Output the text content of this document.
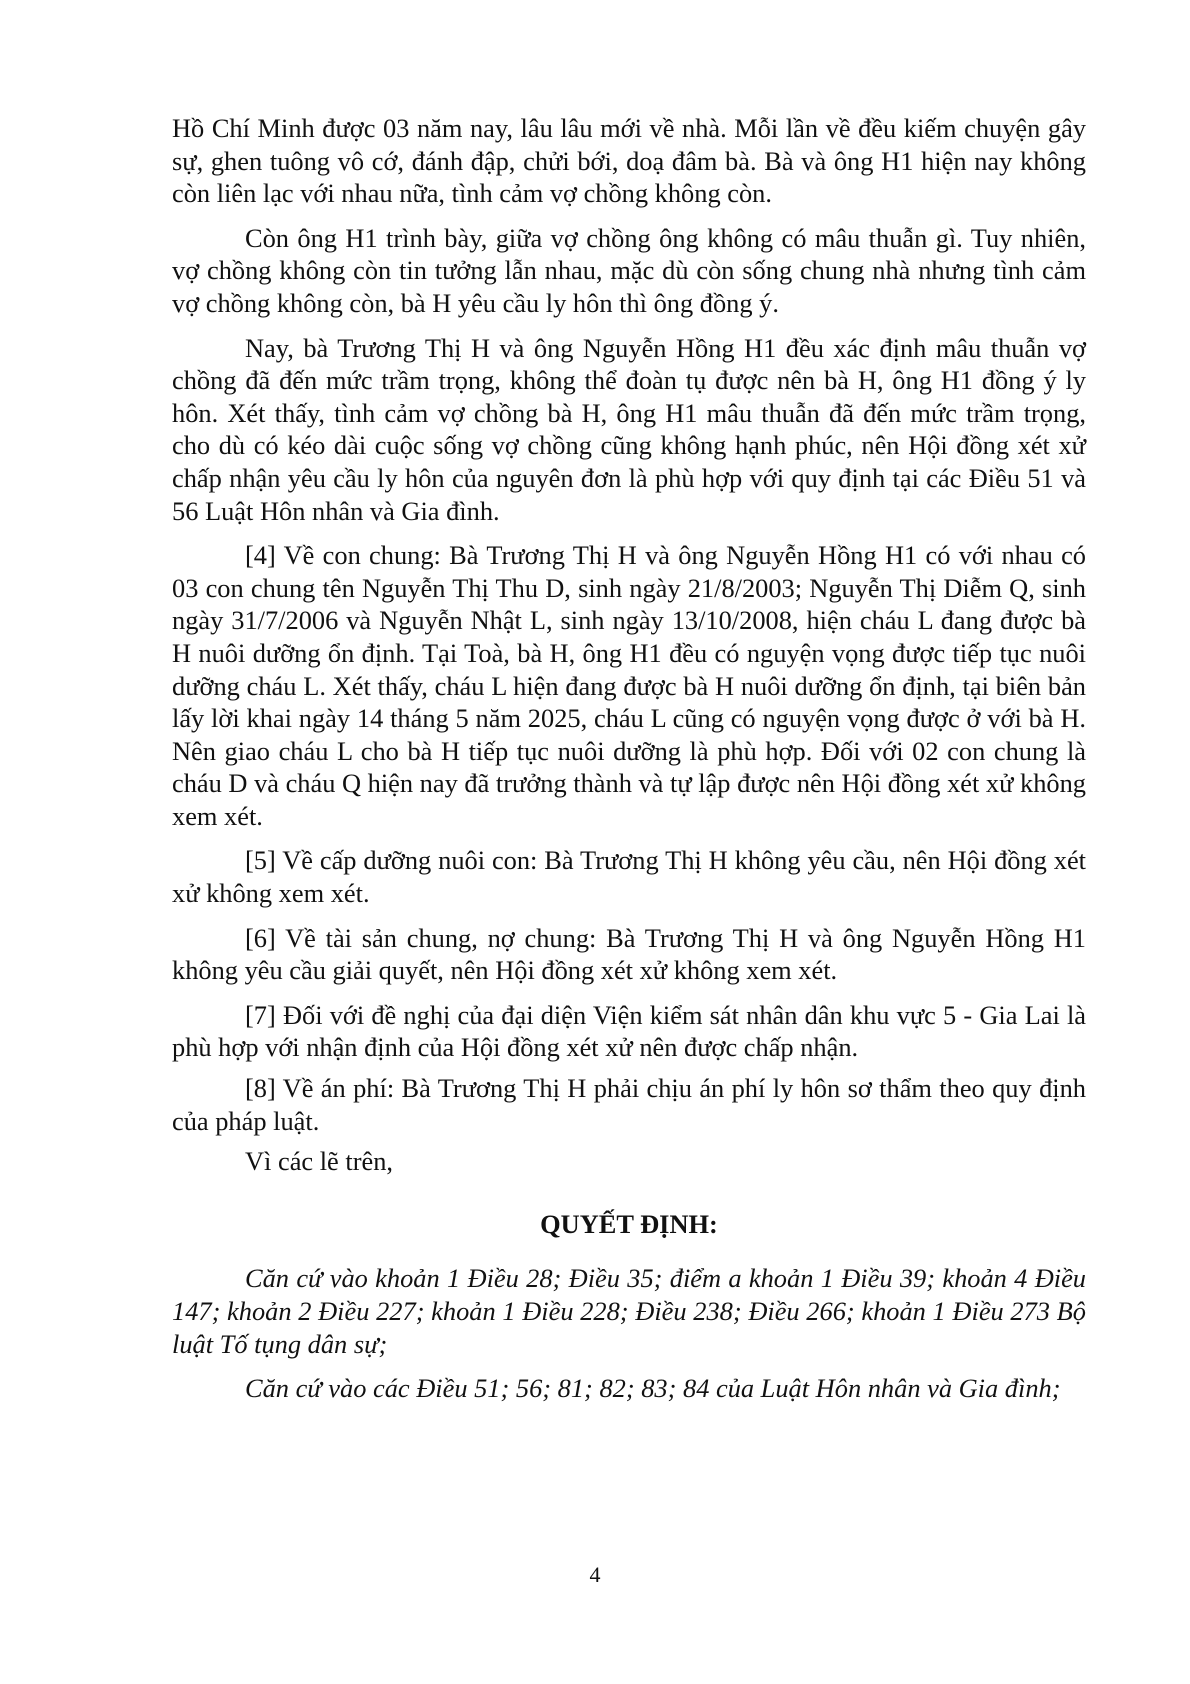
Hồ Chí Minh được 03 năm nay, lâu lâu mới về nhà. Mỗi lần về đều kiếm chuyện gây sự, ghen tuông vô cớ, đánh đập, chửi bới, doạ đâm bà. Bà và ông H1 hiện nay không còn liên lạc với nhau nữa, tình cảm vợ chồng không còn.

Còn ông H1 trình bày, giữa vợ chồng ông không có mâu thuẫn gì. Tuy nhiên, vợ chồng không còn tin tưởng lẫn nhau, mặc dù còn sống chung nhà nhưng tình cảm vợ chồng không còn, bà H yêu cầu ly hôn thì ông đồng ý.

Nay, bà Trương Thị H và ông Nguyễn Hồng H1 đều xác định mâu thuẫn vợ chồng đã đến mức trầm trọng, không thể đoàn tụ được nên bà H, ông H1 đồng ý ly hôn. Xét thấy, tình cảm vợ chồng bà H, ông H1 mâu thuẫn đã đến mức trầm trọng, cho dù có kéo dài cuộc sống vợ chồng cũng không hạnh phúc, nên Hội đồng xét xử chấp nhận yêu cầu ly hôn của nguyên đơn là phù hợp với quy định tại các Điều 51 và 56 Luật Hôn nhân và Gia đình.

[4] Về con chung: Bà Trương Thị H và ông Nguyễn Hồng H1 có với nhau có 03 con chung tên Nguyễn Thị Thu D, sinh ngày 21/8/2003; Nguyễn Thị Diễm Q, sinh ngày 31/7/2006 và Nguyễn Nhật L, sinh ngày 13/10/2008, hiện cháu L đang được bà H nuôi dưỡng ổn định. Tại Toà, bà H, ông H1 đều có nguyện vọng được tiếp tục nuôi dưỡng cháu L. Xét thấy, cháu L hiện đang được bà H nuôi dưỡng ổn định, tại biên bản lấy lời khai ngày 14 tháng 5 năm 2025, cháu L cũng có nguyện vọng được ở với bà H. Nên giao cháu L cho bà H tiếp tục nuôi dưỡng là phù hợp. Đối với 02 con chung là cháu D và cháu Q hiện nay đã trưởng thành và tự lập được nên Hội đồng xét xử không xem xét.

[5] Về cấp dưỡng nuôi con: Bà Trương Thị H không yêu cầu, nên Hội đồng xét xử không xem xét.

[6] Về tài sản chung, nợ chung: Bà Trương Thị H và ông Nguyễn Hồng H1 không yêu cầu giải quyết, nên Hội đồng xét xử không xem xét.

[7] Đối với đề nghị của đại diện Viện kiểm sát nhân dân khu vực 5 - Gia Lai là phù hợp với nhận định của Hội đồng xét xử nên được chấp nhận.

[8] Về án phí: Bà Trương Thị H phải chịu án phí ly hôn sơ thẩm theo quy định của pháp luật.

Vì các lẽ trên,

QUYẾT ĐỊNH:

Căn cứ vào khoản 1 Điều 28; Điều 35; điểm a khoản 1 Điều 39; khoản 4 Điều 147; khoản 2 Điều 227; khoản 1 Điều 228; Điều 238; Điều 266; khoản 1 Điều 273 Bộ luật Tố tụng dân sự;

Căn cứ vào các Điều 51; 56; 81; 82; 83; 84 của Luật Hôn nhân và Gia đình;

4
